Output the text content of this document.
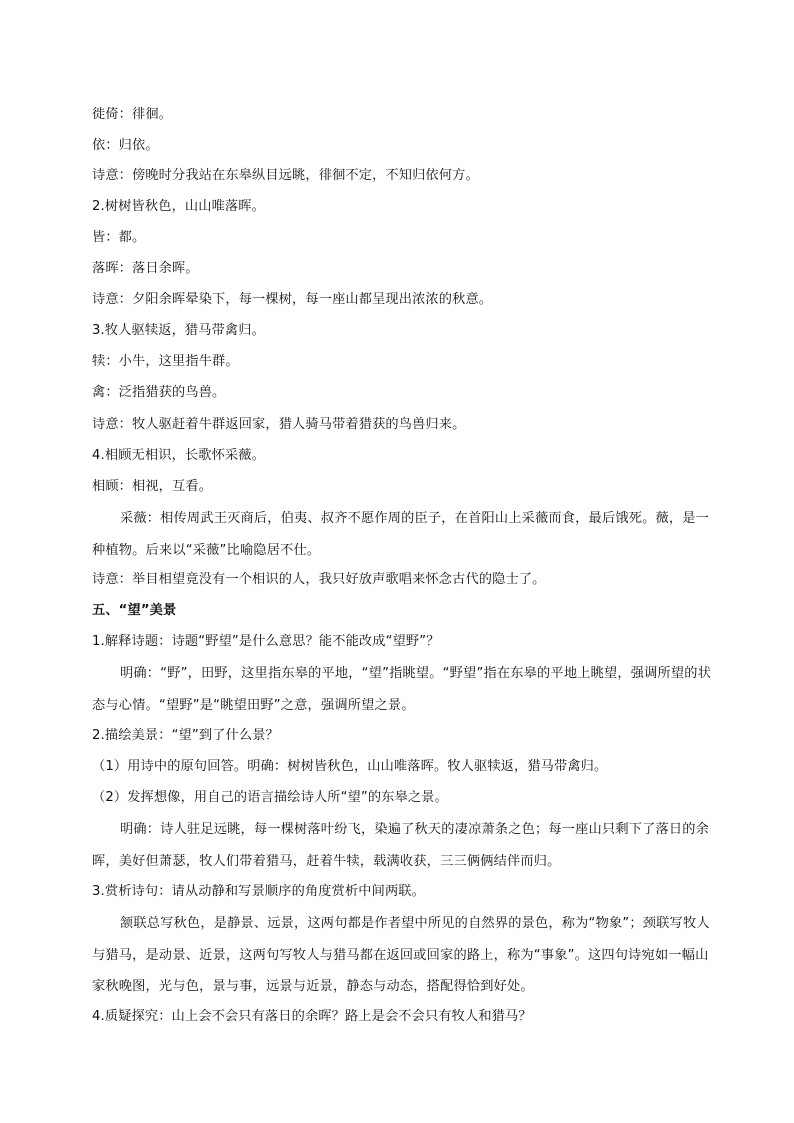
徙倚：徘徊。
依：归依。
诗意：傍晚时分我站在东皋纵目远眺，徘徊不定，不知归依何方。
2.树树皆秋色，山山唯落晖。
皆：都。
落晖：落日余晖。
诗意：夕阳余晖晕染下，每一棵树，每一座山都呈现出浓浓的秋意。
3.牧人驱犊返，猎马带禽归。
犊：小牛，这里指牛群。
禽：泛指猎获的鸟兽。
诗意：牧人驱赶着牛群返回家，猎人骑马带着猎获的鸟兽归来。
4.相顾无相识，长歌怀采薇。
相顾：相视，互看。
采薇：相传周武王灭商后，伯夷、叔齐不愿作周的臣子，在首阳山上采薇而食，最后饿死。薇，是一种植物。后来以“采薇”比喻隐居不仕。
诗意：举目相望竟没有一个相识的人，我只好放声歌唱来怀念古代的隐士了。
五、“望”美景
1.解释诗题：诗题“野望”是什么意思？能不能改成“望野”？
明确：“野”，田野，这里指东皋的平地，“望”指眺望。“野望”指在东皋的平地上眺望，强调所望的状态与心情。“望野”是“眺望田野”之意，强调所望之景。
2.描绘美景：“望”到了什么景？
（1）用诗中的原句回答。明确：树树皆秋色，山山唯落晖。牧人驱犊返，猎马带禽归。
（2）发挥想像，用自己的语言描绘诗人所“望”的东皋之景。
明确：诗人驻足远眺，每一棵树落叶纷飞，染遍了秋天的凄凉萧条之色；每一座山只剩下了落日的余晖，美好但萧瑟，牧人们带着猎马，赶着牛犊，载满收获，三三俩俩结伴而归。
3.赏析诗句：请从动静和写景顺序的角度赏析中间两联。
颔联总写秋色，是静景、远景，这两句都是作者望中所见的自然界的景色，称为“物象”；颈联写牧人与猎马，是动景、近景，这两句写牧人与猎马都在返回或回家的路上，称为“事象”。这四句诗宛如一幅山家秋晚图，光与色，景与事，远景与近景，静态与动态，搭配得恰到好处。
4.质疑探究：山上会不会只有落日的余晖？路上是会不会只有牧人和猎马？
